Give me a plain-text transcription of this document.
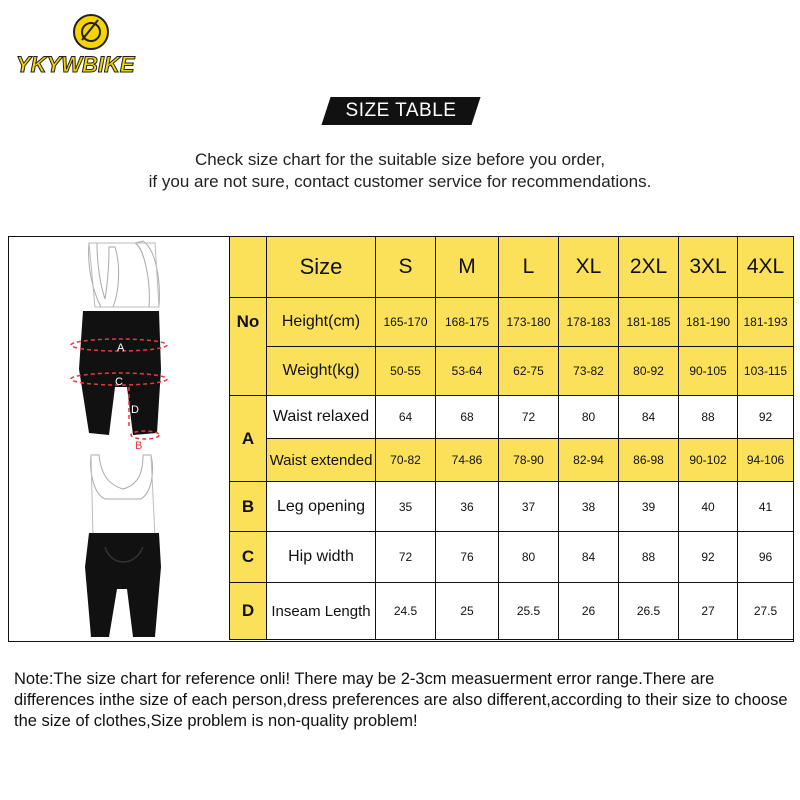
YKYWBIKE
SIZE TABLE
Check size chart for the suitable size before you order,
if you are not sure, contact customer service for recommendations.
A
C
D
B
	Size	S	M	L	XL	2XL	3XL	4XL
No	Height(cm)	165-170	168-175	173-180	178-183	181-185	181-190	181-193
	Weight(kg)	50-55	53-64	62-75	73-82	80-92	90-105	103-115
A	Waist relaxed	64	68	72	80	84	88	92
	Waist extended	70-82	74-86	78-90	82-94	86-98	90-102	94-106
B	Leg opening	35	36	37	38	39	40	41
C	Hip width	72	76	80	84	88	92	96
D	Inseam Length	24.5	25	25.5	26	26.5	27	27.5
Note:The size chart for reference onli! There may be 2-3cm measuerment error range.There are differences inthe size of each person,dress preferences are also different,according to their size to choose the size of clothes,Size problem is non-quality problem!
